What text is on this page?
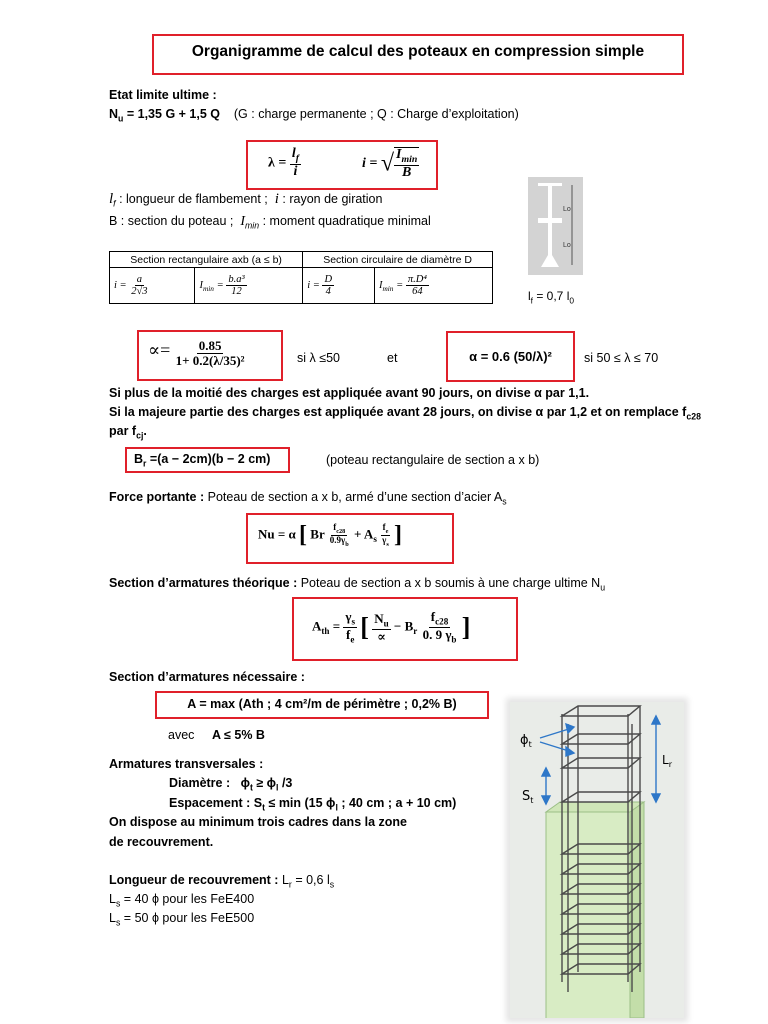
Organigramme de calcul des poteaux en compression simple
Etat limite ultime :
$N_u = 1,35$ G + 1,5 Q (G : charge permanente ; Q : Charge d’exploitation)
$\lambda = \frac{l_f}{i}$	i = √ $\frac{I_{min}}{B}$
$l_f$ : longueur de flambement ; i : rayon de giration
B : section du poteau ; $I_{min}$ : moment quadratique minimal
Section rectangulaire axb (a ≤ b)		Section circulaire de diamètre D	
$i = \frac{a}{2√3}$	$I_{min} = \frac{\text{b.a³}}{12}$	$i = \frac{D}{4}$	$I_{min} = \frac{\text{π.D⁴}}{64}$
Lo
Lo
$l_f = 0,7$ $l_0$
∝= $\frac{0.85}{\text{1+ 0.2(λ/35)²}}$	si λ ≤50	et	α = 0.6 (50/λ)²	si 50 ≤ λ ≤ 70
Si plus de la moitié des charges est appliquée avant 90 jours, on divise α par 1,1.
Si la majeure partie des charges est appliquée avant 28 jours, on divise α par 1,2 et on remplace $f_{c28}$
par $f_{cj}$.
$B_r =(a - 2cm)(b - 2$ cm)	(poteau rectangulaire de section a x b)
Force portante : Poteau de section a x b, armé d’une section d’acier $A_s$
Nu = α [ Br $\frac{f_{c28}}{0.9\gamma_b} + A_s \frac{f_e}{\gamma_s}$ ]
Section d’armatures théorique : Poteau de section a x b soumis à une charge ultime $N_u$
$A_{th} = \frac{\gamma_s}{f_e}$ [ $\frac{N_u}{\propto} - B_r \frac{f_{c28}}{0. 9 \gamma_b}$ ]
Section d’armatures nécessaire :
A = max (Ath ; 4 cm²/m de périmètre ; 0,2% B)
avec A ≤ 5% B
Armatures transversales :
Diamètre : $\phi_t \ge \phi_l$ /3
Espacement : $S_t \le \min (15$ $\phi_l$ ; 40 cm ; a + 10 cm)
On dispose au minimum trois cadres dans la zone
de recouvrement.
Longueur de recouvrement : $L_r = 0,6$ $l_s$
$L_s = 40$ ϕ pour les FeE400
$L_s = 50$ ϕ pour les FeE500
$\phi_t$
$L_r$
$S_t$
